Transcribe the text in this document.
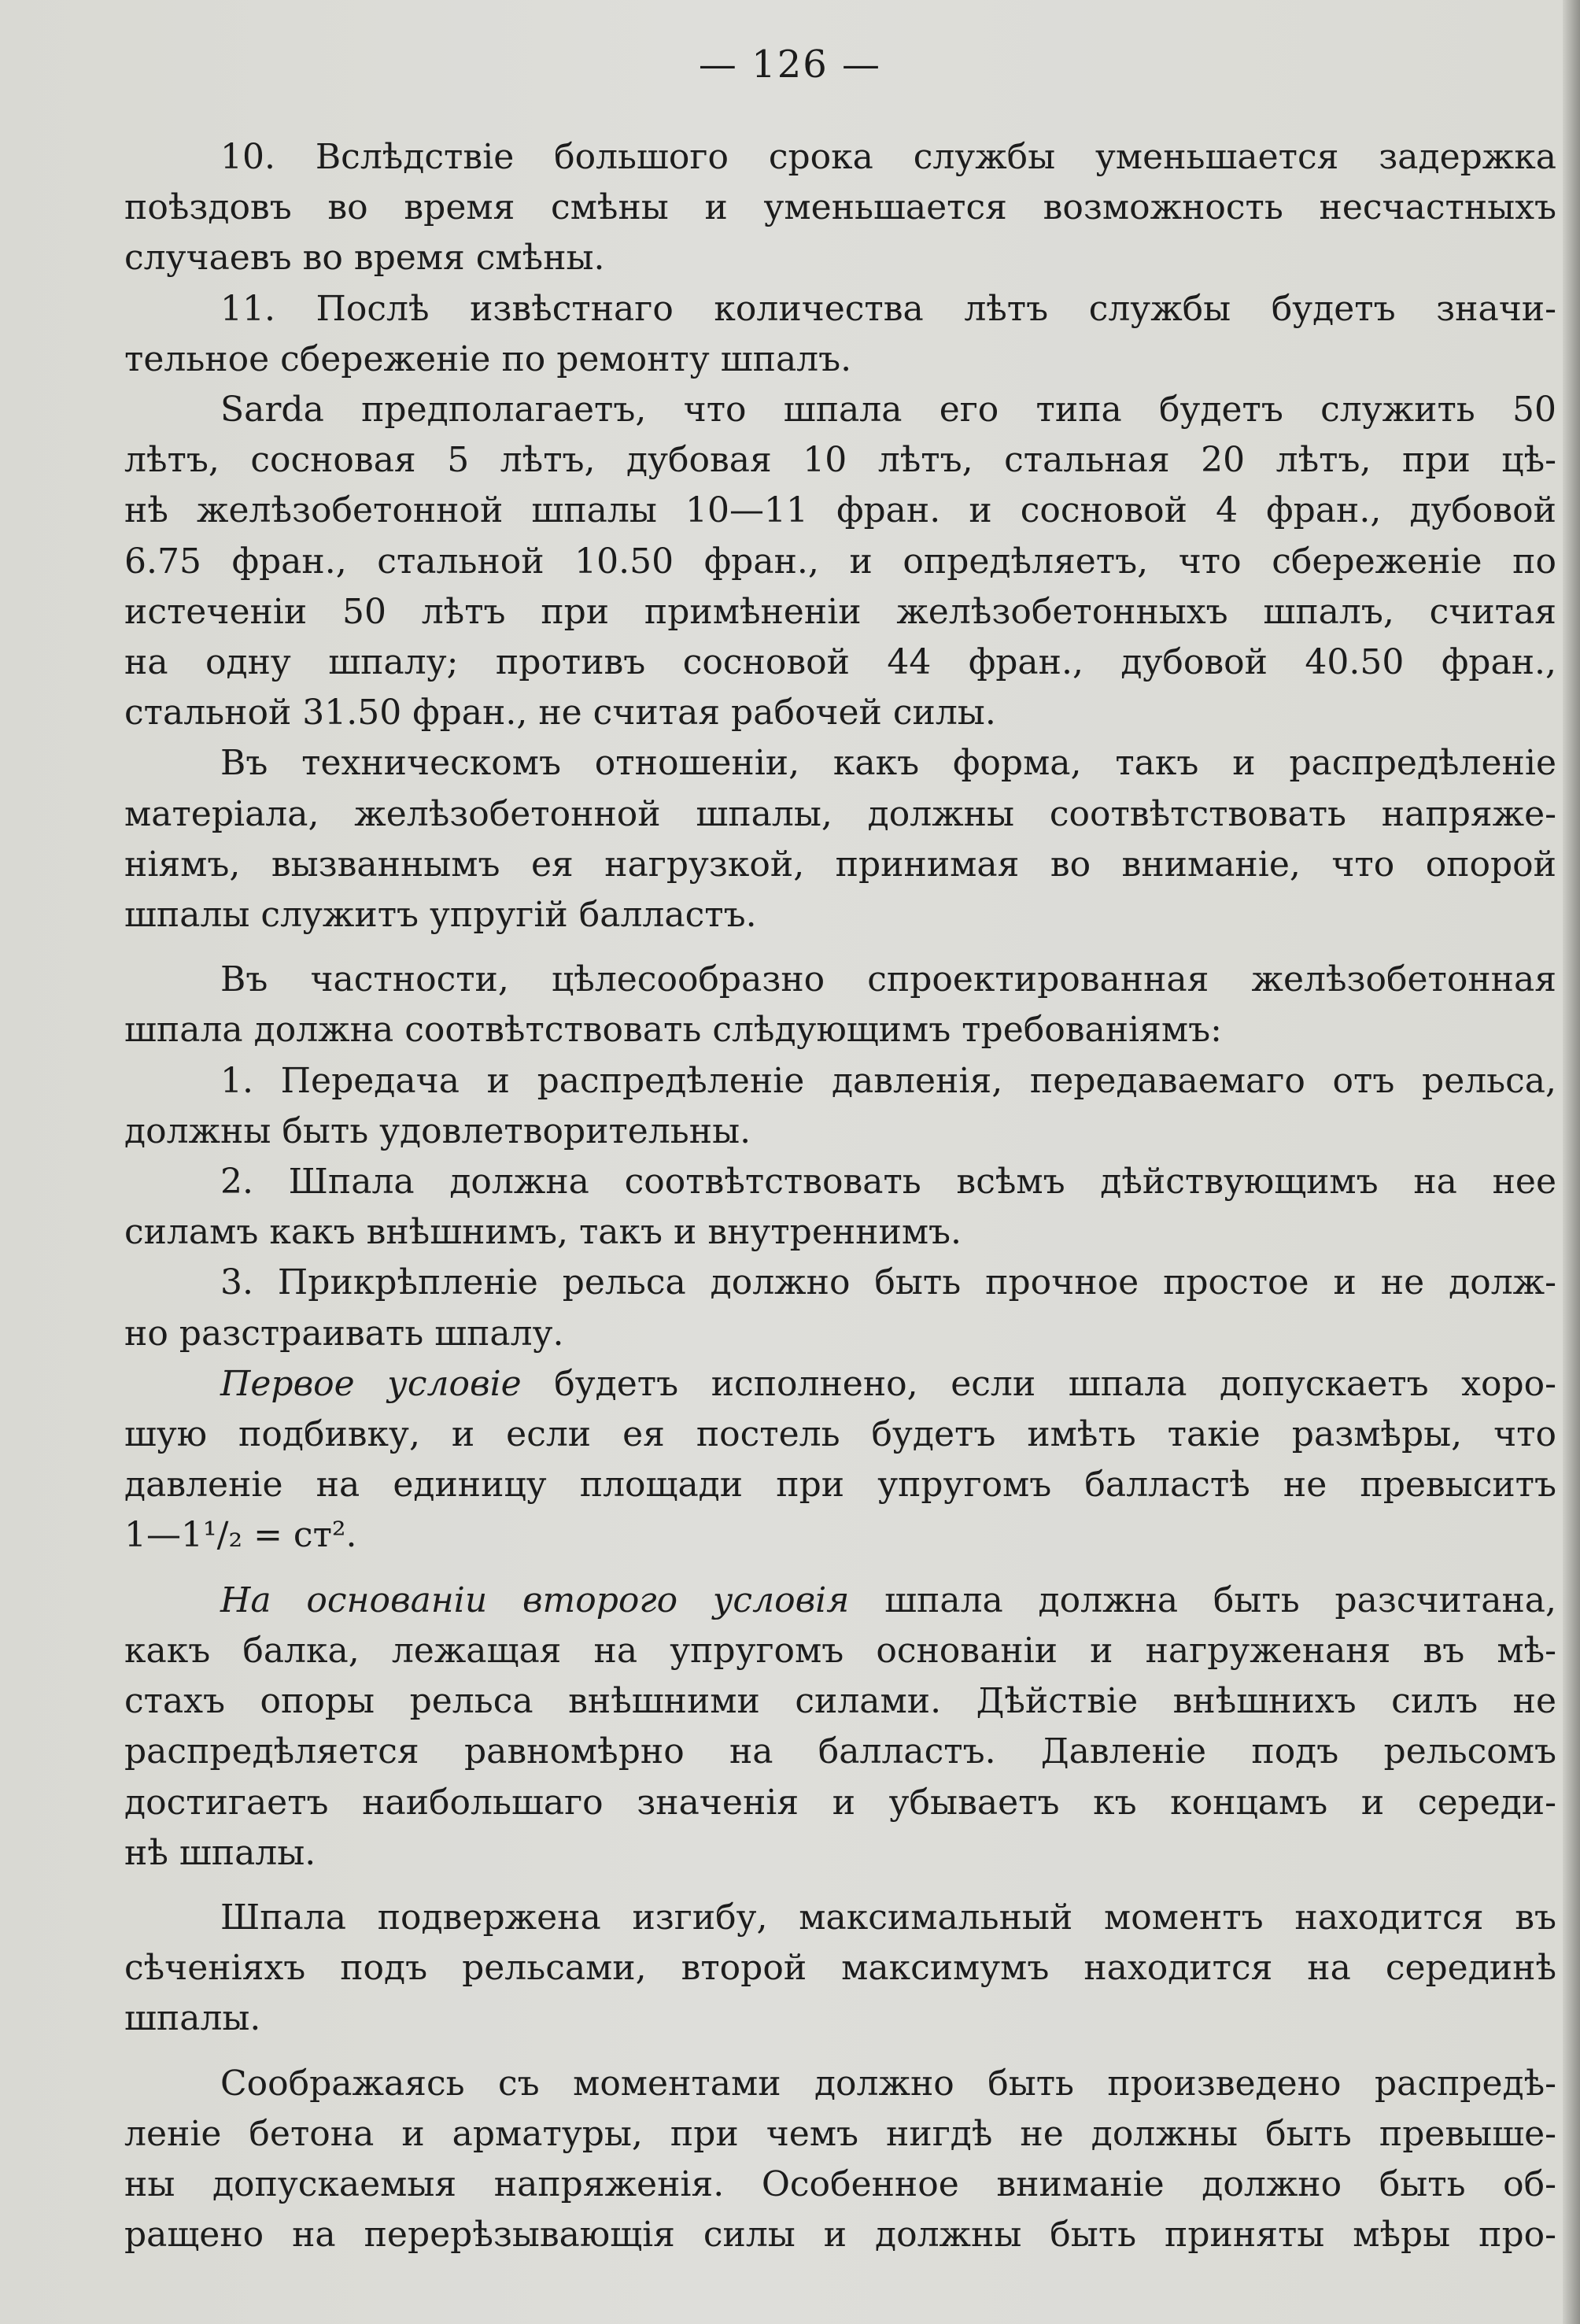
— 126 —

10. Вслѣдствіе большого срока службы уменьшается задержка
поѣздовъ во время смѣны и уменьшается возможность несчастныхъ
случаевъ во время смѣны.

11. Послѣ извѣстнаго количества лѣтъ службы будетъ значи-
тельное сбереженіе по ремонту шпалъ.

Sarda предполагаетъ, что шпала его типа будетъ служить 50
лѣтъ, сосновая 5 лѣтъ, дубовая 10 лѣтъ, стальная 20 лѣтъ, при цѣ-
нѣ желѣзобетонной шпалы 10—11 фран. и сосновой 4 фран., дубовой
6.75 фран., стальной 10.50 фран., и опредѣляетъ, что сбереженіе по
истеченіи 50 лѣтъ при примѣненіи желѣзобетонныхъ шпалъ, считая
на одну шпалу; противъ сосновой 44 фран., дубовой 40.50 фран.,
стальной 31.50 фран., не считая рабочей силы.

Въ техническомъ отношеніи, какъ форма, такъ и распредѣленіе
матеріала, желѣзобетонной шпалы, должны соотвѣтствовать напряже-
ніямъ, вызваннымъ ея нагрузкой, принимая во вниманіе, что опорой
шпалы служитъ упругій балластъ.

Въ частности, цѣлесообразно спроектированная желѣзобетонная
шпала должна соотвѣтствовать слѣдующимъ требованіямъ:

1. Передача и распредѣленіе давленія, передаваемаго отъ рельса,
должны быть удовлетворительны.

2. Шпала должна соотвѣтствовать всѣмъ дѣйствующимъ на нее
силамъ какъ внѣшнимъ, такъ и внутреннимъ.

3. Прикрѣпленіе рельса должно быть прочное простое и не долж-
но разстраивать шпалу.

Первое условіе будетъ исполнено, если шпала допускаетъ хоро-
шую подбивку, и если ея постель будетъ имѣть такіе размѣры, что
давленіе на единицу площади при упругомъ балластѣ не превыситъ
1—1¹/₂ = ст².

На основаніи второго условія шпала должна быть разсчитана,
какъ балка, лежащая на упругомъ основаніи и нагруженаня въ мѣ-
стахъ опоры рельса внѣшними силами. Дѣйствіе внѣшнихъ силъ не
распредѣляется равномѣрно на балластъ. Давленіе подъ рельсомъ
достигаетъ наибольшаго значенія и убываетъ къ концамъ и середи-
нѣ шпалы.

Шпала подвержена изгибу, максимальный моментъ находится въ
сѣченіяхъ подъ рельсами, второй максимумъ находится на серединѣ
шпалы.

Соображаясь съ моментами должно быть произведено распредѣ-
леніе бетона и арматуры, при чемъ нигдѣ не должны быть превыше-
ны допускаемыя напряженія. Особенное вниманіе должно быть об-
ращено на перерѣзывающія силы и должны быть приняты мѣры про-
